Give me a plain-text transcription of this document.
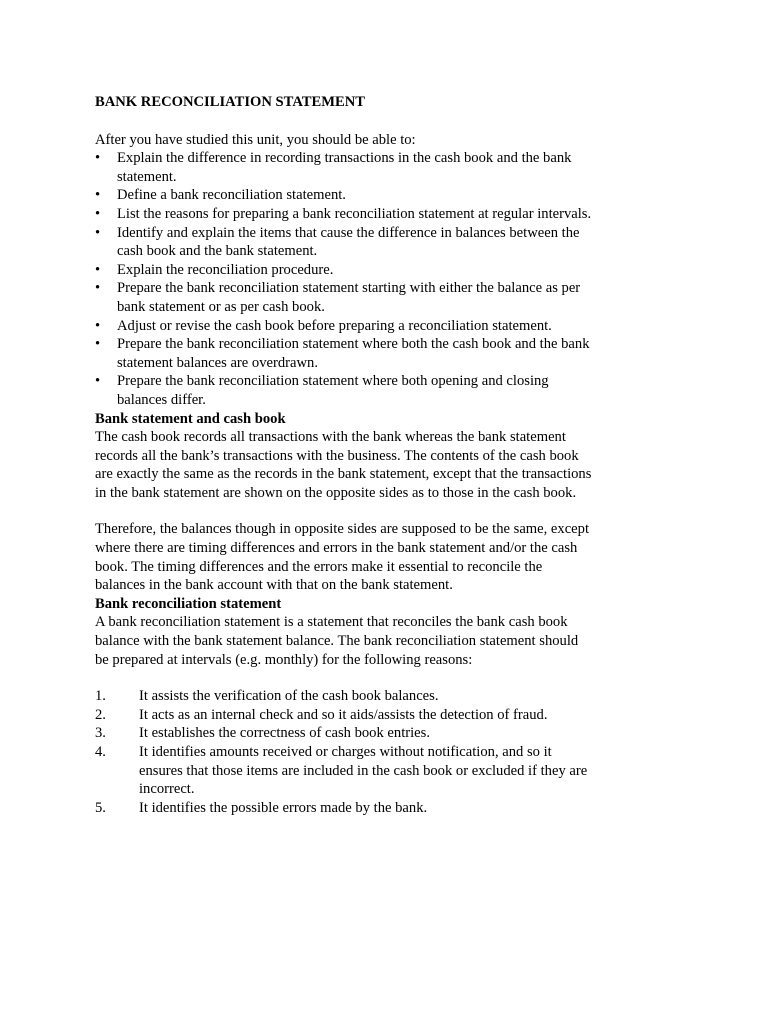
BANK RECONCILIATION STATEMENT

After you have studied this unit, you should be able to:

• Explain the difference in recording transactions in the cash book and the bank statement.
• Define a bank reconciliation statement.
• List the reasons for preparing a bank reconciliation statement at regular intervals.
• Identify and explain the items that cause the difference in balances between the cash book and the bank statement.
• Explain the reconciliation procedure.
• Prepare the bank reconciliation statement starting with either the balance as per bank statement or as per cash book.
• Adjust or revise the cash book before preparing a reconciliation statement.
• Prepare the bank reconciliation statement where both the cash book and the bank statement balances are overdrawn.
• Prepare the bank reconciliation statement where both opening and closing balances differ.
Bank statement and cash book

The cash book records all transactions with the bank whereas the bank statement records all the bank’s transactions with the business. The contents of the cash book are exactly the same as the records in the bank statement, except that the transactions in the bank statement are shown on the opposite sides as to those in the cash book.

Therefore, the balances though in opposite sides are supposed to be the same, except where there are timing differences and errors in the bank statement and/or the cash book. The timing differences and the errors make it essential to reconcile the balances in the bank account with that on the bank statement.

Bank reconciliation statement

A bank reconciliation statement is a statement that reconciles the bank cash book balance with the bank statement balance. The bank reconciliation statement should be prepared at intervals (e.g. monthly) for the following reasons:

1. It assists the verification of the cash book balances.
2. It acts as an internal check and so it aids/assists the detection of fraud.
3. It establishes the correctness of cash book entries.
4. It identifies amounts received or charges without notification, and so it ensures that those items are included in the cash book or excluded if they are incorrect.
5. It identifies the possible errors made by the bank.
